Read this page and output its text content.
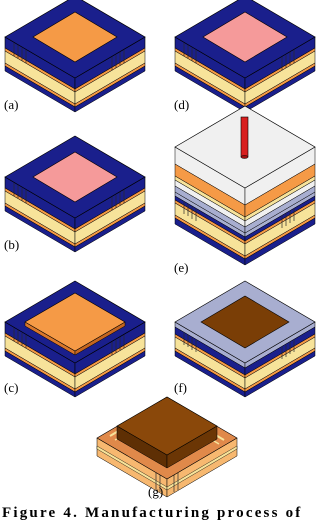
(a)	(d)
(b)
(e)
(c)	(f)
(g)
Figure 4. Manufacturing process of
